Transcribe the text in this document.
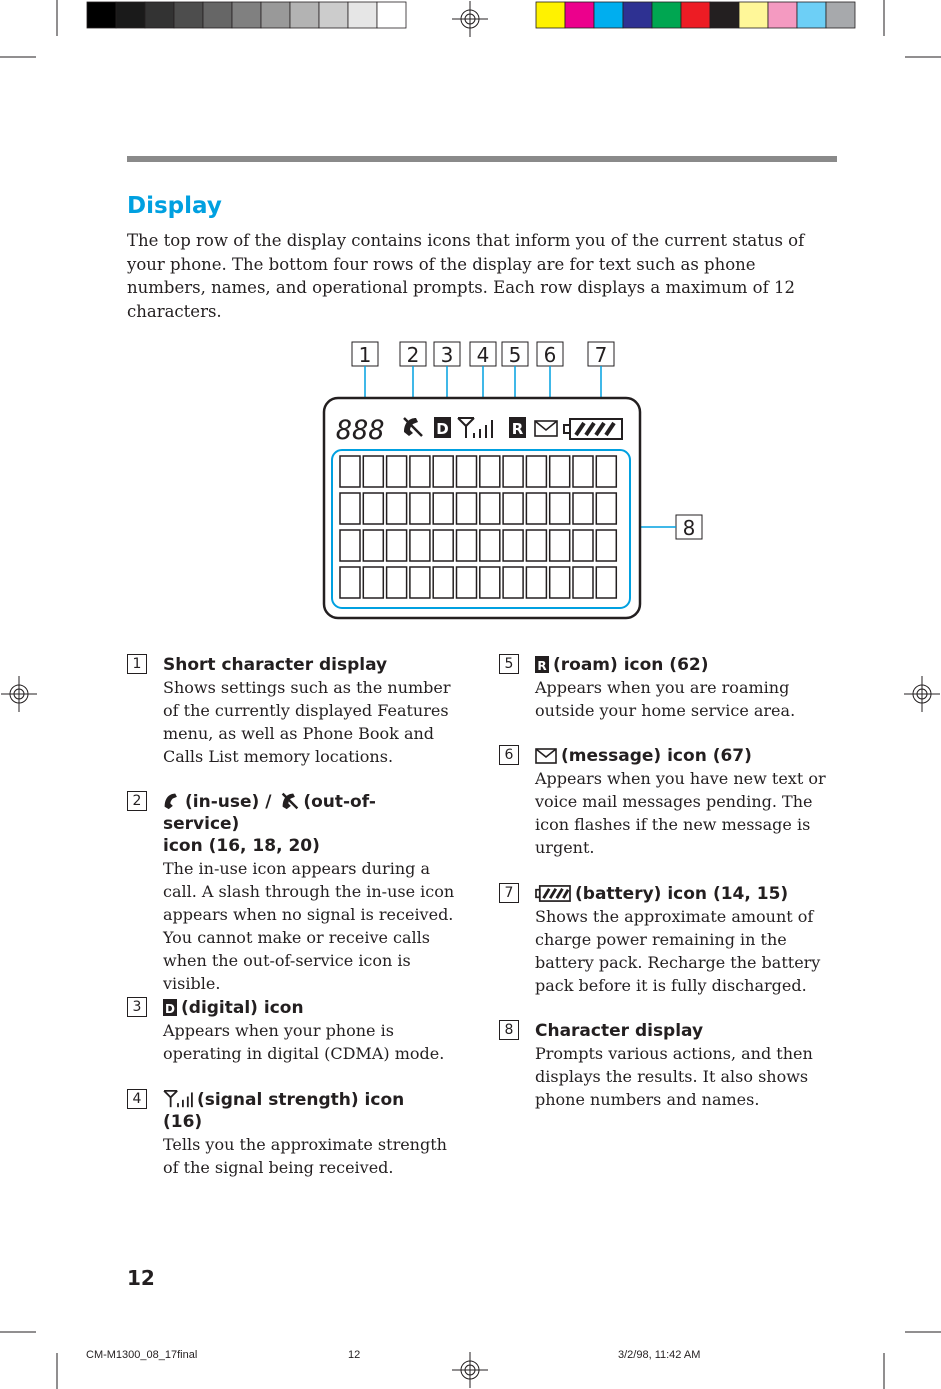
Display
The top row of the display contains icons that inform you of the current status of your phone. The bottom four rows of the display are for text such as phone numbers, names, and operational prompts. Each row displays a maximum of 12 characters.
1 2 3 4 5 6 7
8
888	D	R
1	Short character display
Shows settings such as the number of the currently displayed Features menu, as well as Phone Book and Calls List memory locations.
2	(in-use) / (out-of-service)
icon (16, 18, 20)
The in-use icon appears during a call. A slash through the in-use icon appears when no signal is received. You cannot make or receive calls when the out-of-service icon is visible.
3	D (digital) icon
Appears when your phone is operating in digital (CDMA) mode.
4	(signal strength) icon (16)
Tells you the approximate strength of the signal being received.
5	R (roam) icon (62)
Appears when you are roaming outside your home service area.
6	(message) icon (67)
Appears when you have new text or voice mail messages pending. The icon flashes if the new message is urgent.
7	(battery) icon (14, 15)
Shows the approximate amount of charge power remaining in the battery pack. Recharge the battery pack before it is fully discharged.
8	Character display
Prompts various actions, and then displays the results. It also shows phone numbers and names.
12
CM-M1300_08_17final	12	3/2/98, 11:42 AM
